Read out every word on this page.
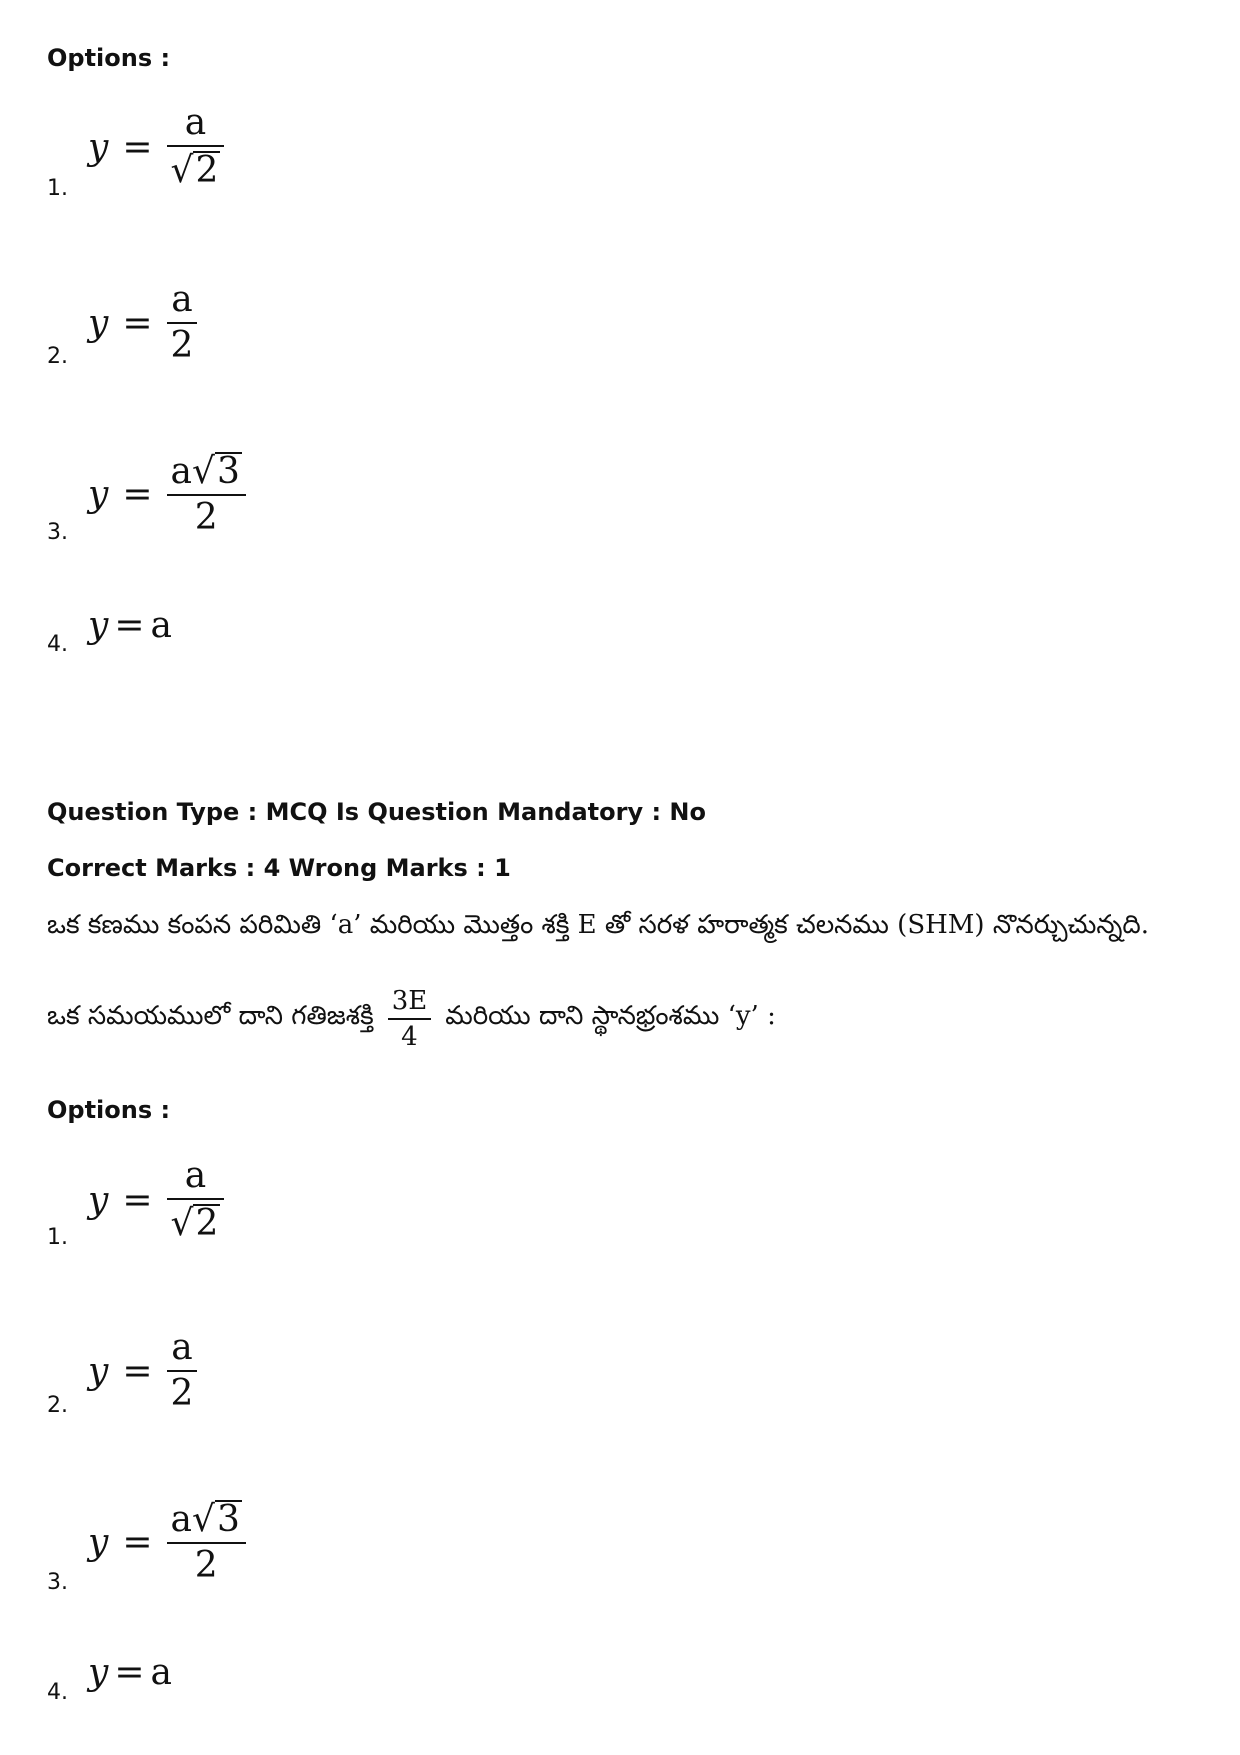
Options :
1.
$y = \frac{a}{√ 2}$
2.
$y = \frac{a}{2}$
3.
$y = \frac{a √ 3}{2}$
4. y = a
Question Type : MCQ Is Question Mandatory : No
Correct Marks : 4 Wrong Marks : 1
ఒక కణము కంపన పరిమితి ‘a’ మరియు మొత్తం శక్తి E తో సరళ హరాత్మక చలనము (SHM) నొనర్చుచున్నది.
ఒక సమయములో దాని గతిజశక్తి $\frac{3E}{4}$ మరియు దాని స్థానభ్రంశము ‘y’ :
Options :
1.
$y = \frac{a}{√ 2}$
2.
$y = \frac{a}{2}$
3.
$y = \frac{a √ 3}{2}$
4. y = a
